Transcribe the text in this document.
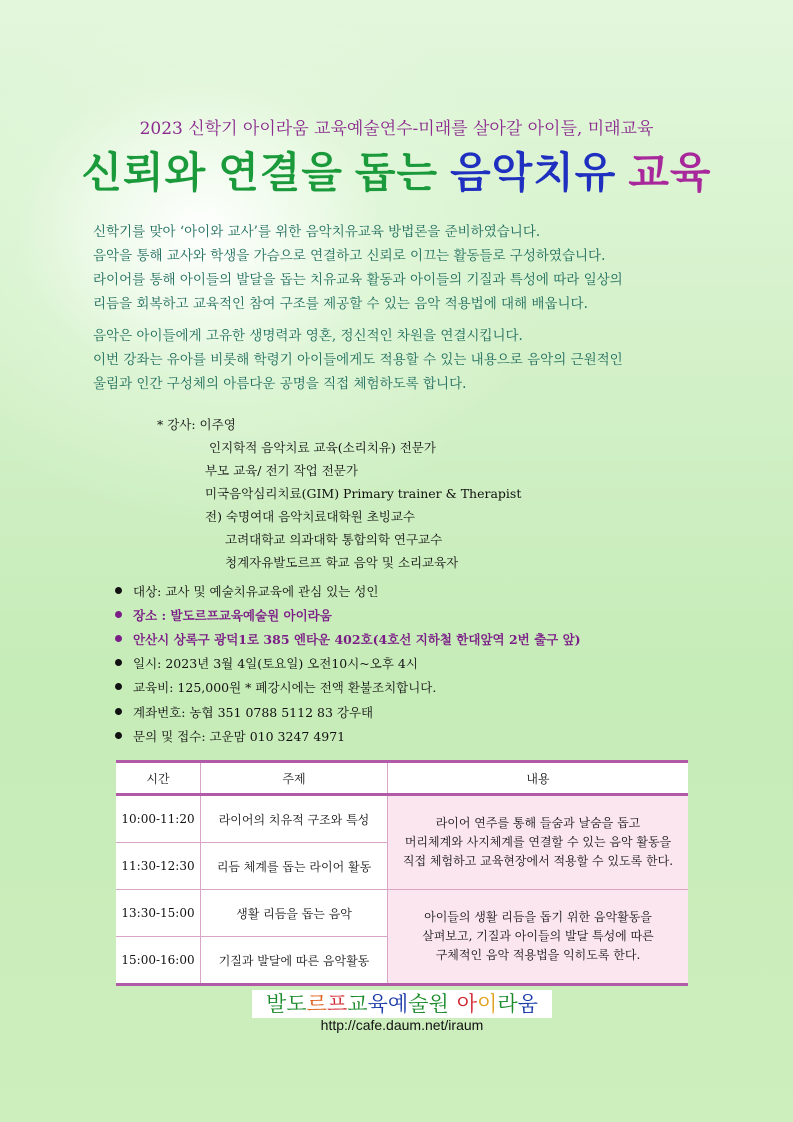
2023 신학기 아이라움 교육예술연수-미래를 살아갈 아이들, 미래교육
신뢰와 연결을 돕는 음악치유 교육
신학기를 맞아 ‘아이와 교사’를 위한 음악치유교육 방법론을 준비하였습니다.
음악을 통해 교사와 학생을 가슴으로 연결하고 신뢰로 이끄는 활동들로 구성하였습니다.
라이어를 통해 아이들의 발달을 돕는 치유교육 활동과 아이들의 기질과 특성에 따라 일상의
리듬을 회복하고 교육적인 참여 구조를 제공할 수 있는 음악 적용법에 대해 배웁니다.
음악은 아이들에게 고유한 생명력과 영혼, 정신적인 차원을 연결시킵니다.
이번 강좌는 유아를 비롯해 학령기 아이들에게도 적용할 수 있는 내용으로 음악의 근원적인
울림과 인간 구성체의 아름다운 공명을 직접 체험하도록 합니다.
* 강사: 이주영
인지학적 음악치료 교육(소리치유) 전문가
부모 교육/ 전기 작업 전문가
미국음악심리치료(GIM) Primary trainer & Therapist
전) 숙명여대 음악치료대학원 초빙교수
고려대학교 의과대학 통합의학 연구교수
청계자유발도르프 학교 음악 및 소리교육자
대상: 교사 및 예술치유교육에 관심 있는 성인
장소 : 발도르프교육예술원 아이라움
안산시 상록구 광덕1로 385 엔타운 402호(4호선 지하철 한대앞역 2번 출구 앞)
일시: 2023년 3월 4일(토요일) 오전10시~오후 4시
교육비: 125,000원 * 폐강시에는 전액 환불조치합니다.
계좌번호: 농협 351 0788 5112 83 강우태
문의 및 접수: 고운맘 010 3247 4971
시간	주제	내용
10:00-11:20	라이어의 치유적 구조와 특성	라이어 연주를 통해 들숨과 날숨을 돕고
머리체계와 사지체계를 연결할 수 있는 음악 활동을
직접 체험하고 교육현장에서 적용할 수 있도록 한다.

11:30-12:30	리듬 체계를 돕는 라이어 활동	
13:30-15:00	생활 리듬을 돕는 음악	아이들의 생활 리듬을 돕기 위한 음악활동을
살펴보고, 기질과 아이들의 발달 특성에 따른
구체적인 음악 적용법을 익히도록 한다.

15:00-16:00	기질과 발달에 따른 음악활동	
발도르프교육예술원 아이라움
http://cafe.daum.net/iraum
